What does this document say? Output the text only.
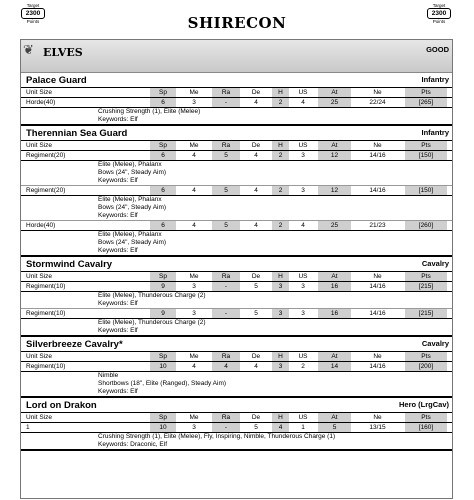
Target
2300
Points	SHIRECON
Target
2300
Points
❦ ELVES	GOOD
Palace Guard	Infantry
Unit Size	Sp	Me	Ra	De	H	US	At	Ne	Pts
Horde(40)	6	3	-	4	2	4	25	22/24	[265]
Crushing Strength (1), Elite (Melee)
Keywords: Elf
Therennian Sea Guard	Infantry
Unit Size	Sp	Me	Ra	De	H	US	At	Ne	Pts
Regiment(20)	6	4	5	4	2	3	12	14/16	[150]
Elite (Melee), Phalanx
Bows (24", Steady Aim)
Keywords: Elf
Regiment(20)	6	4	5	4	2	3	12	14/16	[150]
Elite (Melee), Phalanx
Bows (24", Steady Aim)
Keywords: Elf
Horde(40)	6	4	5	4	2	4	25	21/23	[260]
Elite (Melee), Phalanx
Bows (24", Steady Aim)
Keywords: Elf
Stormwind Cavalry	Cavalry
Unit Size	Sp	Me	Ra	De	H	US	At	Ne	Pts
Regiment(10)	9	3	-	5	3	3	16	14/16	[215]
Elite (Melee), Thunderous Charge (2)
Keywords: Elf
Regiment(10)	9	3	-	5	3	3	16	14/16	[215]
Elite (Melee), Thunderous Charge (2)
Keywords: Elf
Silverbreeze Cavalry*	Cavalry
Unit Size	Sp	Me	Ra	De	H	US	At	Ne	Pts
Regiment(10)	10	4	4	4	3	2	14	14/16	[200]
Nimble
Shortbows (18", Elite (Ranged), Steady Aim)
Keywords: Elf
Lord on Drakon	Hero (LrgCav)
Unit Size	Sp	Me	Ra	De	H	US	At	Ne	Pts
1	10	3	-	5	4	1	5	13/15	[160]
Crushing Strength (1), Elite (Melee), Fly, Inspiring, Nimble, Thunderous Charge (1)
Keywords: Draconic, Elf
